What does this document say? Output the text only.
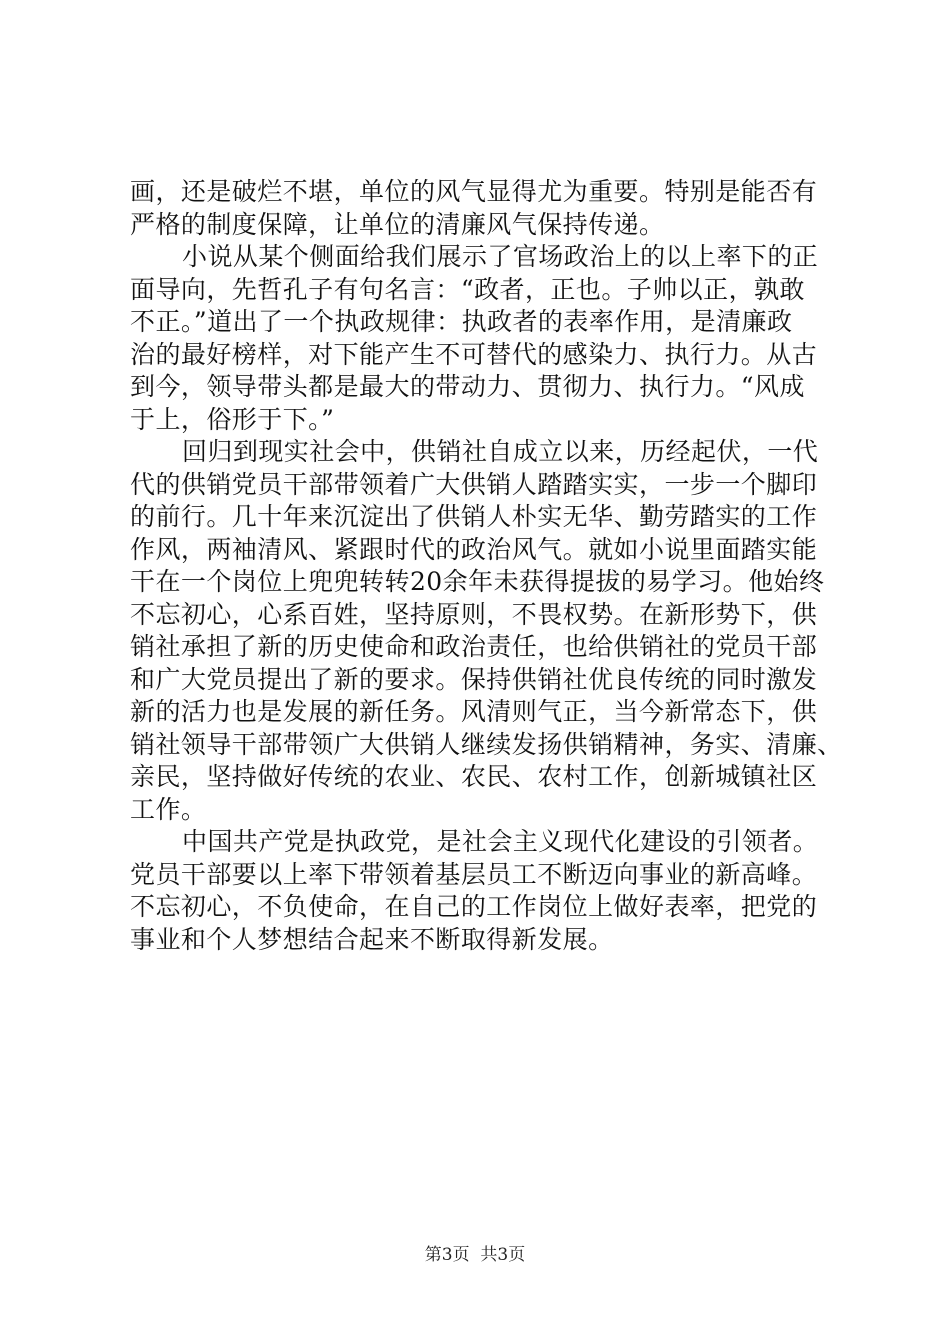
画，还是破烂不堪，单位的风气显得尤为重要。特别是能否有
严格的制度保障，让单位的清廉风气保持传递。

小说从某个侧面给我们展示了官场政治上的以上率下的正
面导向，先哲孔子有句名言：“政者，正也。子帅以正，孰敢
不正。”道出了一个执政规律：执政者的表率作用，是清廉政
治的最好榜样，对下能产生不可替代的感染力、执行力。从古
到今，领导带头都是最大的带动力、贯彻力、执行力。“风成
于上，俗形于下。”

回归到现实社会中，供销社自成立以来，历经起伏，一代
代的供销党员干部带领着广大供销人踏踏实实，一步一个脚印
的前行。几十年来沉淀出了供销人朴实无华、勤劳踏实的工作
作风，两袖清风、紧跟时代的政治风气。就如小说里面踏实能
干在一个岗位上兜兜转转20余年未获得提拔的易学习。他始终
不忘初心，心系百姓，坚持原则，不畏权势。在新形势下，供
销社承担了新的历史使命和政治责任，也给供销社的党员干部
和广大党员提出了新的要求。保持供销社优良传统的同时激发
新的活力也是发展的新任务。风清则气正，当今新常态下，供
销社领导干部带领广大供销人继续发扬供销精神，务实、清廉、
亲民，坚持做好传统的农业、农民、农村工作，创新城镇社区
工作。

中国共产党是执政党，是社会主义现代化建设的引领者。
党员干部要以上率下带领着基层员工不断迈向事业的新高峰。
不忘初心，不负使命，在自己的工作岗位上做好表率，把党的
事业和个人梦想结合起来不断取得新发展。

第3页  共3页
